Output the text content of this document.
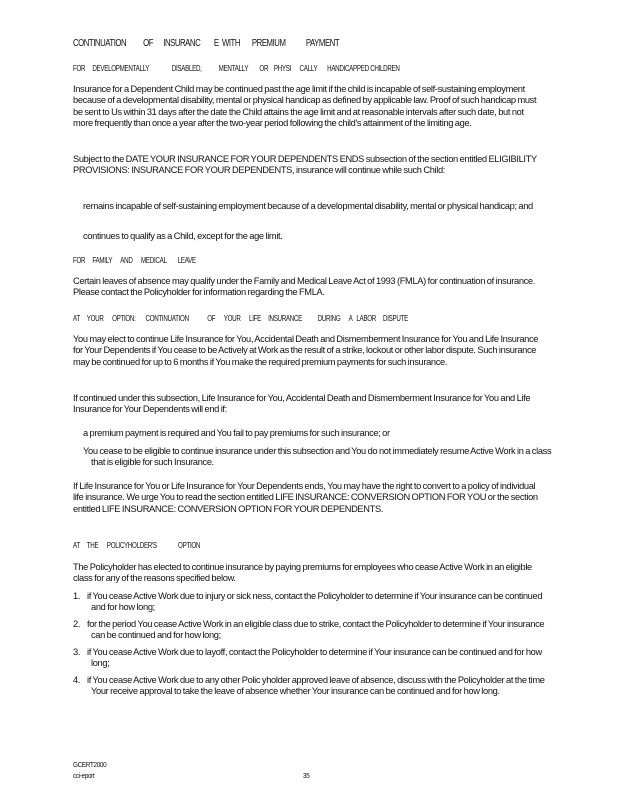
CONTINUATION          OF      INSURANC        E  WITH       PREMIUM            PAYMENT
FOR     DEVELOPMENTALLY                DISABLED,            MENTALLY        OR    PHYSI      CALLY       HANDICAPPED CHILDREN

Insurance for a Dependent Child may be continued past the age limit if the child is incapable of self-sustaining employment because of a developmental disability, mental or physical handicap as defined by applicable law. Proof of such handicap must be sent to Us within 31 days after the date the Child attains the age limit and at reasonable intervals after such date, but not more frequently than once a year after the two-year period following the child's attainment of the limiting age.

Subject to the DATE YOUR INSURANCE FOR YOUR DEPENDENTS ENDS subsection of the section entitled ELIGIBILITY PROVISIONS: INSURANCE FOR YOUR DEPENDENTS, insurance will continue while such Child:

remains incapable of self-sustaining employment because of a developmental disability, mental or physical handicap; and

continues to qualify as a Child, except for the age limit.

FOR     FAMILY      AND      MEDICAL        LEAVE

Certain leaves of absence may qualify under the Family and Medical Leave Act of 1993 (FMLA) for continuation of insurance. Please contact the Policyholder for information regarding the FMLA.

AT     YOUR      OPTION:       CONTINUATION             OF      YOUR      LIFE     INSURANCE           DURING      A   LABOR     DISPUTE

You may elect to continue Life Insurance for You, Accidental Death and Dismemberment Insurance for You and Life Insurance for Your Dependents if You cease to be Actively at Work as the result of a strike, lockout or other labor dispute. Such insurance may be continued for up to 6 months if You make the required premium payments for such insurance.

If continued under this subsection, Life Insurance for You, Accidental Death and Dismemberment Insurance for You and Life Insurance for Your Dependents will end if:

a premium payment is required and You fail to pay premiums for such insurance; or

You cease to be eligible to continue insurance under this subsection and You do not immediately resume Active Work in a class that is eligible for such Insurance.

If Life Insurance for You or Life Insurance for Your Dependents ends, You may have the right to convert to a policy of individual life insurance. We urge You to read the section entitled LIFE INSURANCE: CONVERSION OPTION FOR YOU or the section entitled LIFE INSURANCE: CONVERSION OPTION FOR YOUR DEPENDENTS.

AT     THE      POLICYHOLDER'S               OPTION

The Policyholder has elected to continue insurance by paying premiums for employees who cease Active Work in an eligible class for any of the reasons specified below.

1. if You cease Active Work due to injury or sick ness, contact the Policyholder to determine if Your insurance can be continued and for how long;

2. for the period You cease Active Work in an eligible class due to strike, contact the Policyholder to determine if Your insurance can be continued and for how long;

3. if You cease Active Work due to layoff, contact the Policyholder to determine if Your insurance can be continued and for how long;

4. if You cease Active Work due to any other Polic yholder approved leave of absence, discuss with the Policyholder at the time Your receive approval to take the leave of absence whether Your insurance can be continued and for how long.

GCERT2000
cci-eport	35
